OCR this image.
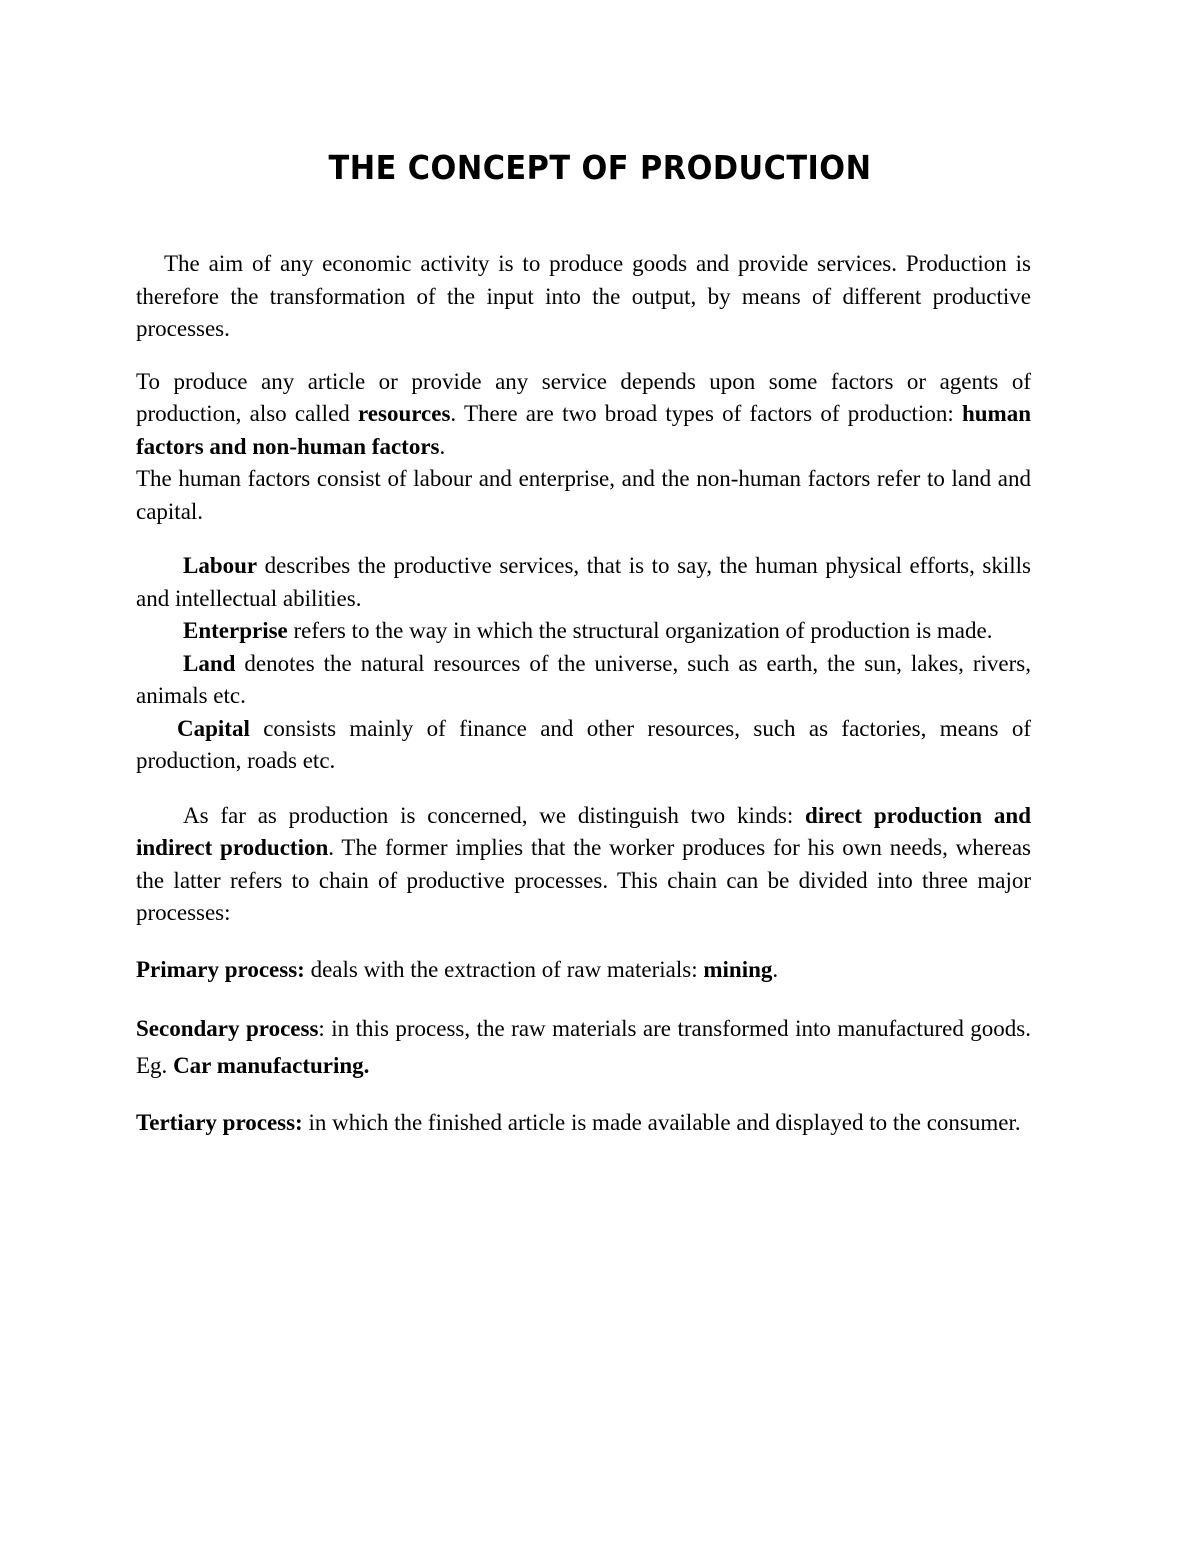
THE CONCEPT OF PRODUCTION

The aim of any economic activity is to produce goods and provide services. Production is therefore the transformation of the input into the output, by means of different productive processes.

To produce any article or provide any service depends upon some factors or agents of production, also called resources. There are two broad types of factors of production: human factors and non-human factors.

The human factors consist of labour and enterprise, and the non-human factors refer to land and capital.

Labour describes the productive services, that is to say, the human physical efforts, skills and intellectual abilities.

Enterprise refers to the way in which the structural organization of production is made.

Land denotes the natural resources of the universe, such as earth, the sun, lakes, rivers, animals etc.

Capital consists mainly of finance and other resources, such as factories, means of production, roads etc.

As far as production is concerned, we distinguish two kinds: direct production and indirect production. The former implies that the worker produces for his own needs, whereas the latter refers to chain of productive processes. This chain can be divided into three major processes:

Primary process: deals with the extraction of raw materials: mining.

Secondary process: in this process, the raw materials are transformed into manufactured goods. Eg. Car manufacturing.

Tertiary process: in which the finished article is made available and displayed to the consumer.
